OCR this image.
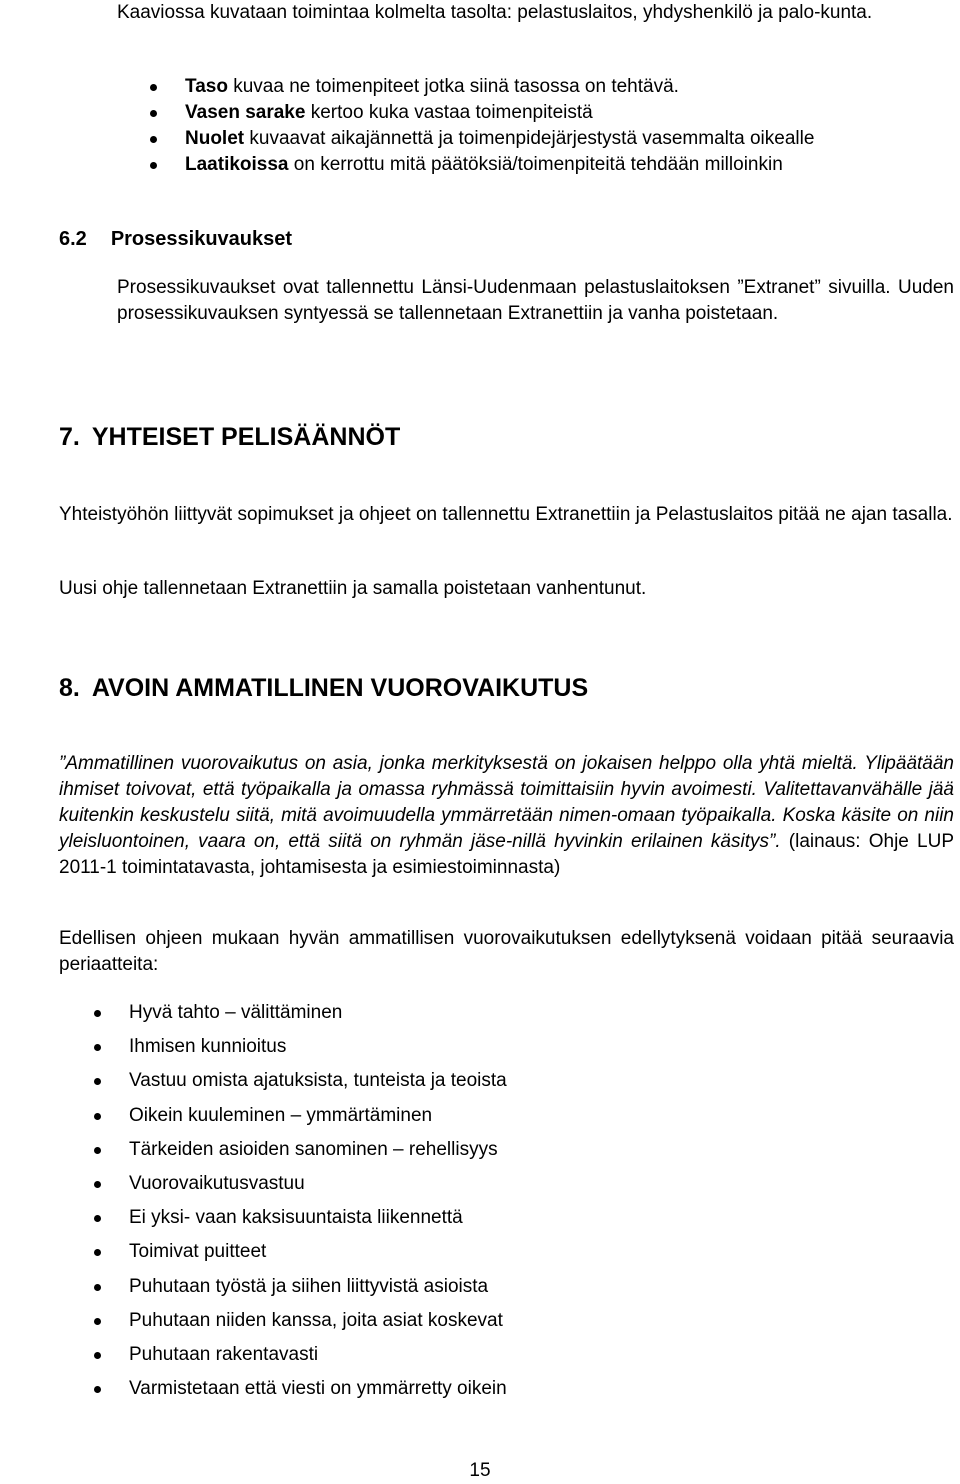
Kaaviossa kuvataan toimintaa kolmelta tasolta: pelastuslaitos, yhdyshenkilö ja palo-kunta.

Taso kuvaa ne toimenpiteet jotka siinä tasossa on tehtävä.
Vasen sarake kertoo kuka vastaa toimenpiteistä
Nuolet kuvaavat aikajännettä ja toimenpidejärjestystä vasemmalta oikealle
Laatikoissa on kerrottu mitä päätöksiä/toimenpiteitä tehdään milloinkin
6.2 Prosessikuvaukset

Prosessikuvaukset ovat tallennettu Länsi-Uudenmaan pelastuslaitoksen ”Extranet” sivuilla. Uuden prosessikuvauksen syntyessä se tallennetaan Extranettiin ja vanha poistetaan.

7. YHTEISET PELISÄÄNNÖT

Yhteistyöhön liittyvät sopimukset ja ohjeet on tallennettu Extranettiin ja Pelastuslaitos pitää ne ajan tasalla.

Uusi ohje tallennetaan Extranettiin ja samalla poistetaan vanhentunut.

8. AVOIN AMMATILLINEN VUOROVAIKUTUS

”Ammatillinen vuorovaikutus on asia, jonka merkityksestä on jokaisen helppo olla yhtä mieltä. Ylipäätään ihmiset toivovat, että työpaikalla ja omassa ryhmässä toimittaisiin hyvin avoimesti. Valitettavanvähälle jää kuitenkin keskustelu siitä, mitä avoimuudella ymmärretään nimen-omaan työpaikalla. Koska käsite on niin yleisluontoinen, vaara on, että siitä on ryhmän jäse-nillä hyvinkin erilainen käsitys”. (lainaus: Ohje LUP 2011-1 toimintatavasta, johtamisesta ja esimiestoiminnasta)

Edellisen ohjeen mukaan hyvän ammatillisen vuorovaikutuksen edellytyksenä voidaan pitää seuraavia periaatteita:

Hyvä tahto – välittäminen
Ihmisen kunnioitus
Vastuu omista ajatuksista, tunteista ja teoista
Oikein kuuleminen – ymmärtäminen
Tärkeiden asioiden sanominen – rehellisyys
Vuorovaikutusvastuu
Ei yksi- vaan kaksisuuntaista liikennettä
Toimivat puitteet
Puhutaan työstä ja siihen liittyvistä asioista
Puhutaan niiden kanssa, joita asiat koskevat
Puhutaan rakentavasti
Varmistetaan että viesti on ymmärretty oikein
15
